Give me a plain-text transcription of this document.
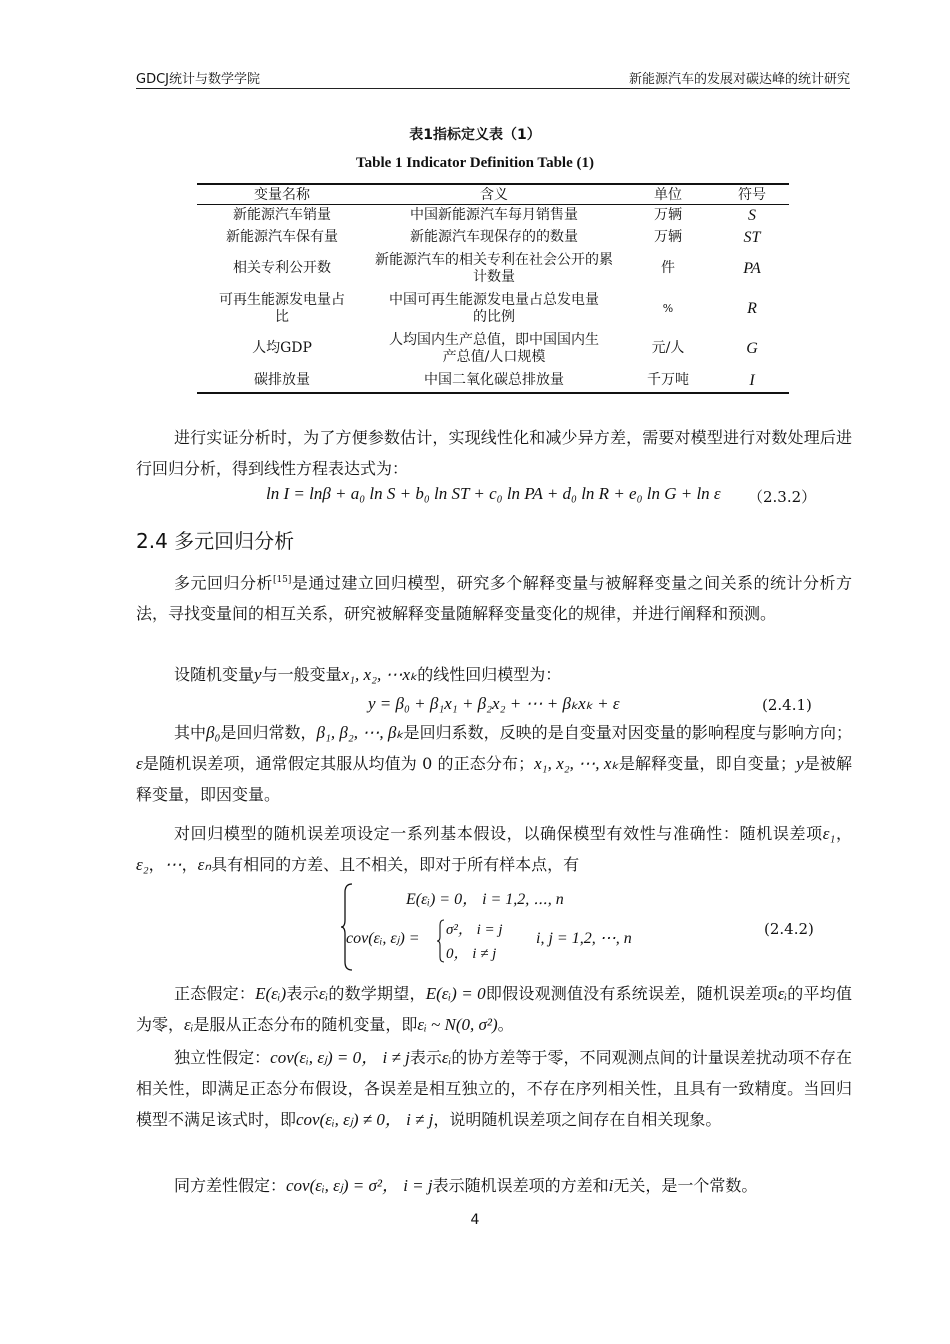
GDCJ统计与数学学院	新能源汽车的发展对碳达峰的统计研究
表1指标定义表（1）
Table 1 Indicator Definition Table (1)
变量名称	含义	单位	符号
新能源汽车销量	中国新能源汽车每月销售量	万辆	S
新能源汽车保有量	新能源汽车现保存的的数量	万辆	ST
相关专利公开数	新能源汽车的相关专利在社会公开的累计数量	件	PA
可再生能源发电量占比	中国可再生能源发电量占总发电量的比例	%	R
人均GDP	人均国内生产总值，即中国国内生产总值/人口规模	元/人	G
碳排放量	中国二氧化碳总排放量	千万吨	I
进行实证分析时，为了方便参数估计，实现线性化和减少异方差，需要对模型进行对数处理后进行回归分析，得到线性方程表达式为：
ln I = lnβ + a₀ ln S + b₀ ln ST + c₀ ln PA + d₀ ln R + e₀ ln G + ln ε （2.3.2）
2.4 多元回归分析
多元回归分析[15]是通过建立回归模型，研究多个解释变量与被解释变量之间关系的统计分析方法，寻找变量间的相互关系，研究被解释变量随解释变量变化的规律，并进行阐释和预测。
设随机变量y与一般变量x₁, x₂, ⋯xₖ的线性回归模型为：
y = β₀ + β₁x₁ + β₂x₂ + ⋯ + βₖxₖ + ε	(2.4.1)
其中β₀是回归常数，β₁, β₂, ⋯, βₖ是回归系数，反映的是自变量对因变量的影响程度与影响方向；ε是随机误差项，通常假定其服从均值为 0 的正态分布；x₁, x₂, ⋯, xₖ是解释变量，即自变量；y是被解释变量，即因变量。
对回归模型的随机误差项设定一系列基本假设，以确保模型有效性与准确性：随机误差项ε₁，ε₂，⋯，εₙ具有相同的方差、且不相关，即对于所有样本点，有
E(εᵢ) = 0， i = 1,2, ⋯, n
cov(εᵢ, εⱼ) = σ²， i = j
0， i ≠ j
i, j = 1,2, ⋯, n
(2.4.2)
正态假定：E(εᵢ)表示εᵢ的数学期望，E(εᵢ) = 0即假设观测值没有系统误差，随机误差项εᵢ的平均值为零，εᵢ是服从正态分布的随机变量，即εᵢ ~ N(0, σ²)。
独立性假定：cov(εᵢ, εⱼ) = 0， i ≠ j表示εᵢ的协方差等于零，不同观测点间的计量误差扰动项不存在相关性，即满足正态分布假设，各误差是相互独立的，不存在序列相关性，且具有一致精度。当回归模型不满足该式时，即cov(εᵢ, εⱼ) ≠ 0， i ≠ j，说明随机误差项之间存在自相关现象。
同方差性假定：cov(εᵢ, εⱼ) = σ²， i = j表示随机误差项的方差和i无关，是一个常数。
4
